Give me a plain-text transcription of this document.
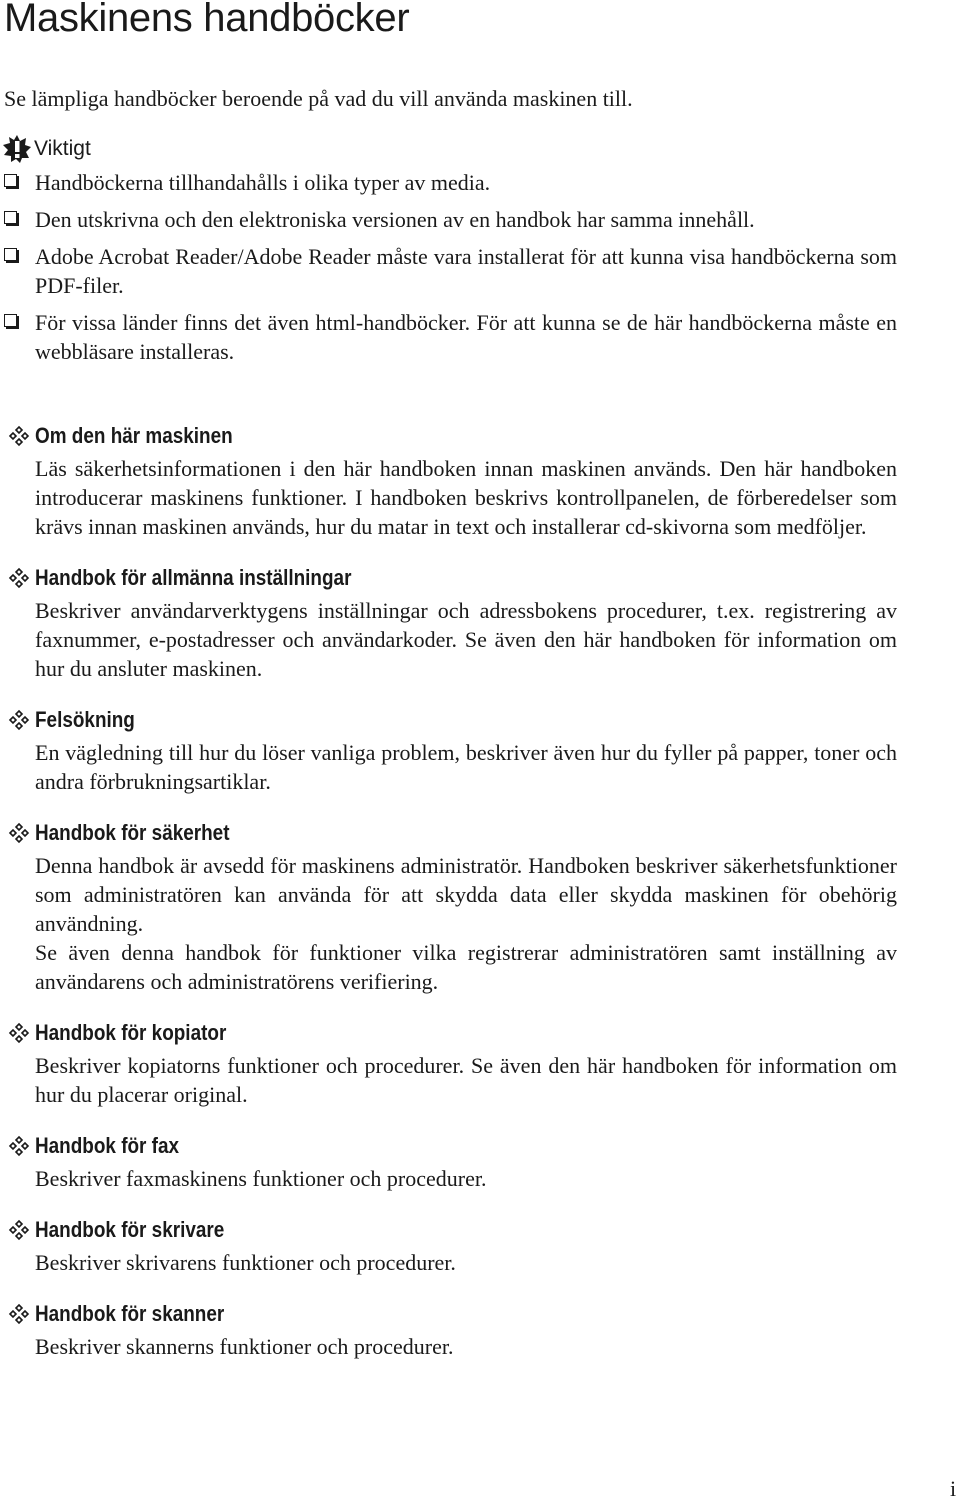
Maskinens handböcker

Se lämpliga handböcker beroende på vad du vill använda maskinen till.

Viktigt
Handböckerna tillhandahålls i olika typer av media.
Den utskrivna och den elektroniska versionen av en handbok har samma innehåll.
Adobe Acrobat Reader/Adobe Reader måste vara installerat för att kunna visa handböckerna som PDF-filer.
För vissa länder finns det även html-handböcker. För att kunna se de här handböckerna måste en webbläsare installeras.
Om den här maskinen

Läs säkerhetsinformationen i den här handboken innan maskinen används. Den här handboken introducerar maskinens funktioner. I handboken beskrivs kontrollpanelen, de förberedelser som krävs innan maskinen används, hur du matar in text och installerar cd-skivorna som medföljer.

Handbok för allmänna inställningar

Beskriver användarverktygens inställningar och adressbokens procedurer, t.ex. registrering av faxnummer, e-postadresser och användarkoder. Se även den här handboken för information om hur du ansluter maskinen.

Felsökning

En vägledning till hur du löser vanliga problem, beskriver även hur du fyller på papper, toner och andra förbrukningsartiklar.

Handbok för säkerhet

Denna handbok är avsedd för maskinens administratör. Handboken beskriver säkerhetsfunktioner som administratören kan använda för att skydda data eller skydda maskinen för obehörig användning.

Se även denna handbok för funktioner vilka registrerar administratören samt inställning av användarens och administratörens verifiering.

Handbok för kopiator

Beskriver kopiatorns funktioner och procedurer. Se även den här handboken för information om hur du placerar original.

Handbok för fax

Beskriver faxmaskinens funktioner och procedurer.

Handbok för skrivare

Beskriver skrivarens funktioner och procedurer.

Handbok för skanner

Beskriver skannerns funktioner och procedurer.

i
